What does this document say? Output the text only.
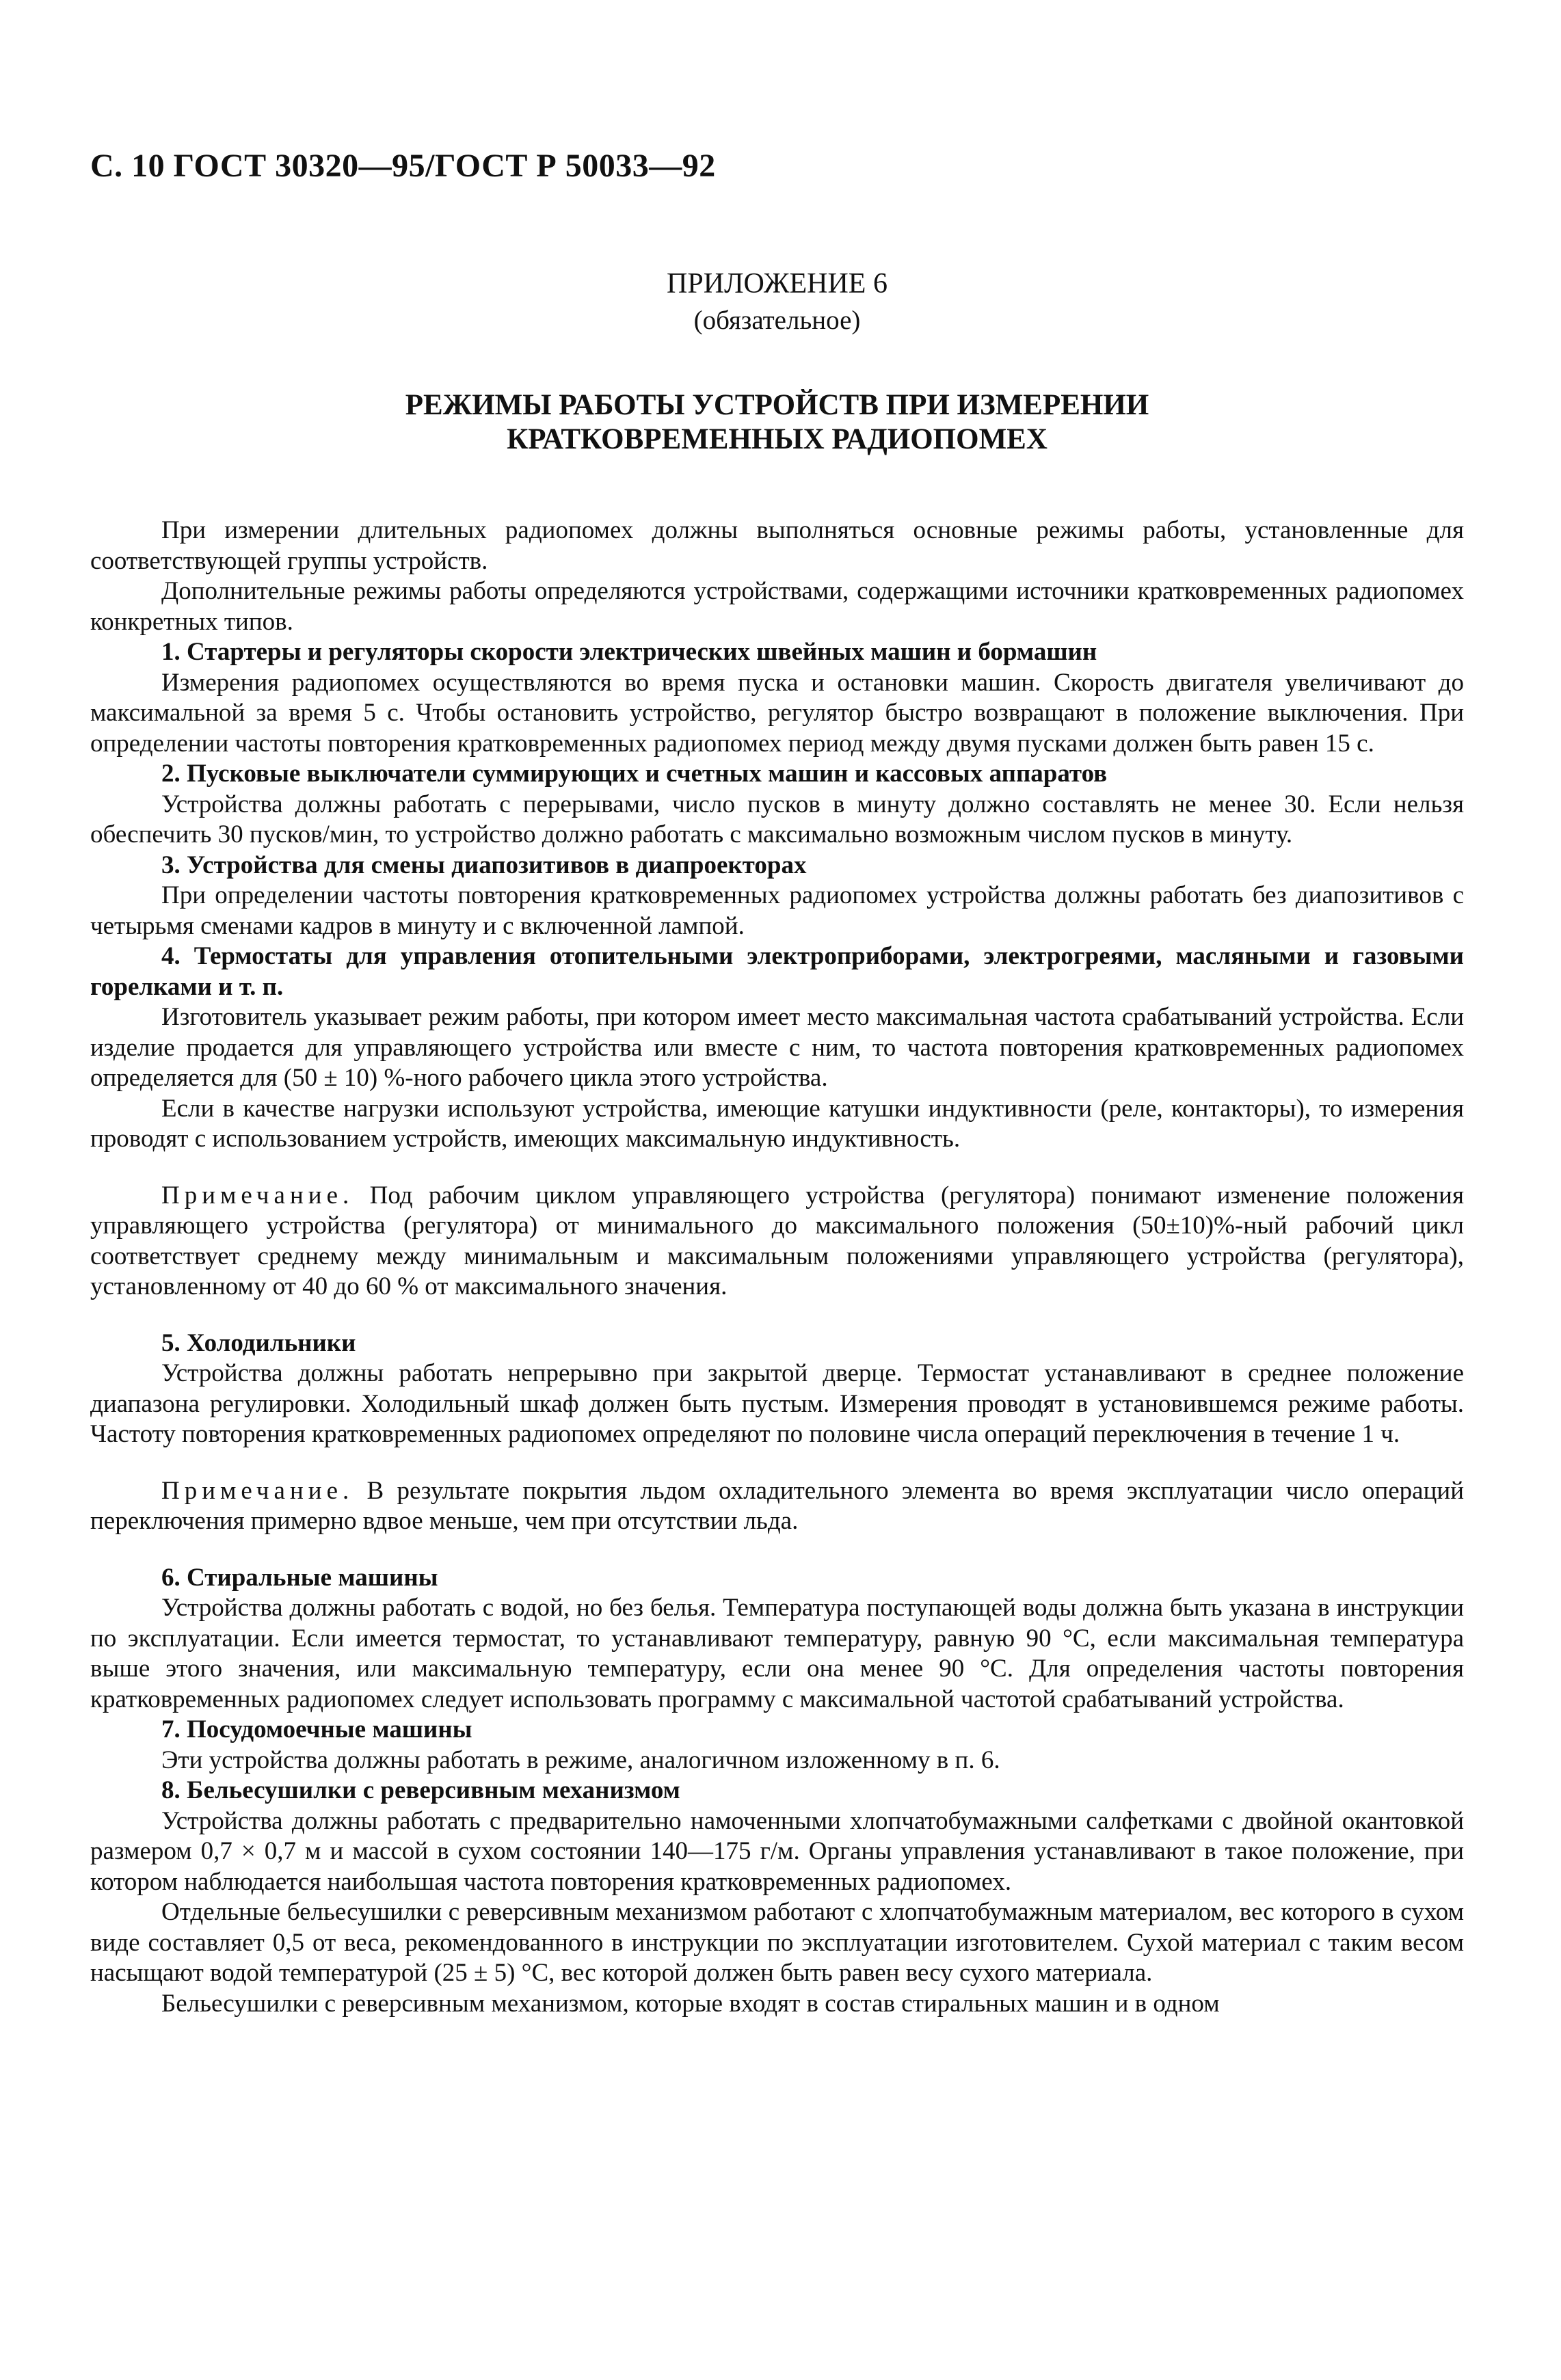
С. 10 ГОСТ 30320—95/ГОСТ Р 50033—92
ПРИЛОЖЕНИЕ 6
(обязательное)
РЕЖИМЫ РАБОТЫ УСТРОЙСТВ ПРИ ИЗМЕРЕНИИ
КРАТКОВРЕМЕННЫХ РАДИОПОМЕХ

При измерении длительных радиопомех должны выполняться основные режимы работы, установленные для соответствующей группы устройств.

Дополнительные режимы работы определяются устройствами, содержащими источники кратковременных радиопомех конкретных типов.

1. Стартеры и регуляторы скорости электрических швейных машин и бормашин

Измерения радиопомех осуществляются во время пуска и остановки машин. Скорость двигателя увеличивают до максимальной за время 5 с. Чтобы остановить устройство, регулятор быстро возвращают в положение выключения. При определении частоты повторения кратковременных радиопомех период между двумя пусками должен быть равен 15 с.

2. Пусковые выключатели суммирующих и счетных машин и кассовых аппаратов

Устройства должны работать с перерывами, число пусков в минуту должно составлять не менее 30. Если нельзя обеспечить 30 пусков/мин, то устройство должно работать с максимально возможным числом пусков в минуту.

3. Устройства для смены диапозитивов в диапроекторах

При определении частоты повторения кратковременных радиопомех устройства должны работать без диапозитивов с четырьмя сменами кадров в минуту и с включенной лампой.

4. Термостаты для управления отопительными электроприборами, электрогреями, масляными и газовыми горелками и т. п.

Изготовитель указывает режим работы, при котором имеет место максимальная частота срабатываний устройства. Если изделие продается для управляющего устройства или вместе с ним, то частота повторения кратковременных радиопомех определяется для (50 ± 10) %-ного рабочего цикла этого устройства.

Если в качестве нагрузки используют устройства, имеющие катушки индуктивности (реле, контакторы), то измерения проводят с использованием устройств, имеющих максимальную индуктивность.

Примечание. Под рабочим циклом управляющего устройства (регулятора) понимают изменение положения управляющего устройства (регулятора) от минимального до максимального положения (50±10)%-ный рабочий цикл соответствует среднему между минимальным и максимальным положениями управляющего устройства (регулятора), установленному от 40 до 60 % от максимального значения.

5. Холодильники

Устройства должны работать непрерывно при закрытой дверце. Термостат устанавливают в среднее положение диапазона регулировки. Холодильный шкаф должен быть пустым. Измерения проводят в установившемся режиме работы. Частоту повторения кратковременных радиопомех определяют по половине числа операций переключения в течение 1 ч.

Примечание. В результате покрытия льдом охладительного элемента во время эксплуатации число операций переключения примерно вдвое меньше, чем при отсутствии льда.

6. Стиральные машины

Устройства должны работать с водой, но без белья. Температура поступающей воды должна быть указана в инструкции по эксплуатации. Если имеется термостат, то устанавливают температуру, равную 90 °С, если максимальная температура выше этого значения, или максимальную температуру, если она менее 90 °С. Для определения частоты повторения кратковременных радиопомех следует использовать программу с максимальной частотой срабатываний устройства.

7. Посудомоечные машины

Эти устройства должны работать в режиме, аналогичном изложенному в п. 6.

8. Бельесушилки с реверсивным механизмом

Устройства должны работать с предварительно намоченными хлопчатобумажными салфетками с двойной окантовкой размером 0,7 × 0,7 м и массой в сухом состоянии 140—175 г/м. Органы управления устанавливают в такое положение, при котором наблюдается наибольшая частота повторения кратковременных радиопомех.

Отдельные бельесушилки с реверсивным механизмом работают с хлопчатобумажным материалом, вес которого в сухом виде составляет 0,5 от веса, рекомендованного в инструкции по эксплуатации изготовителем. Сухой материал с таким весом насыщают водой температурой (25 ± 5) °С, вес которой должен быть равен весу сухого материала.

Бельесушилки с реверсивным механизмом, которые входят в состав стиральных машин и в одном
